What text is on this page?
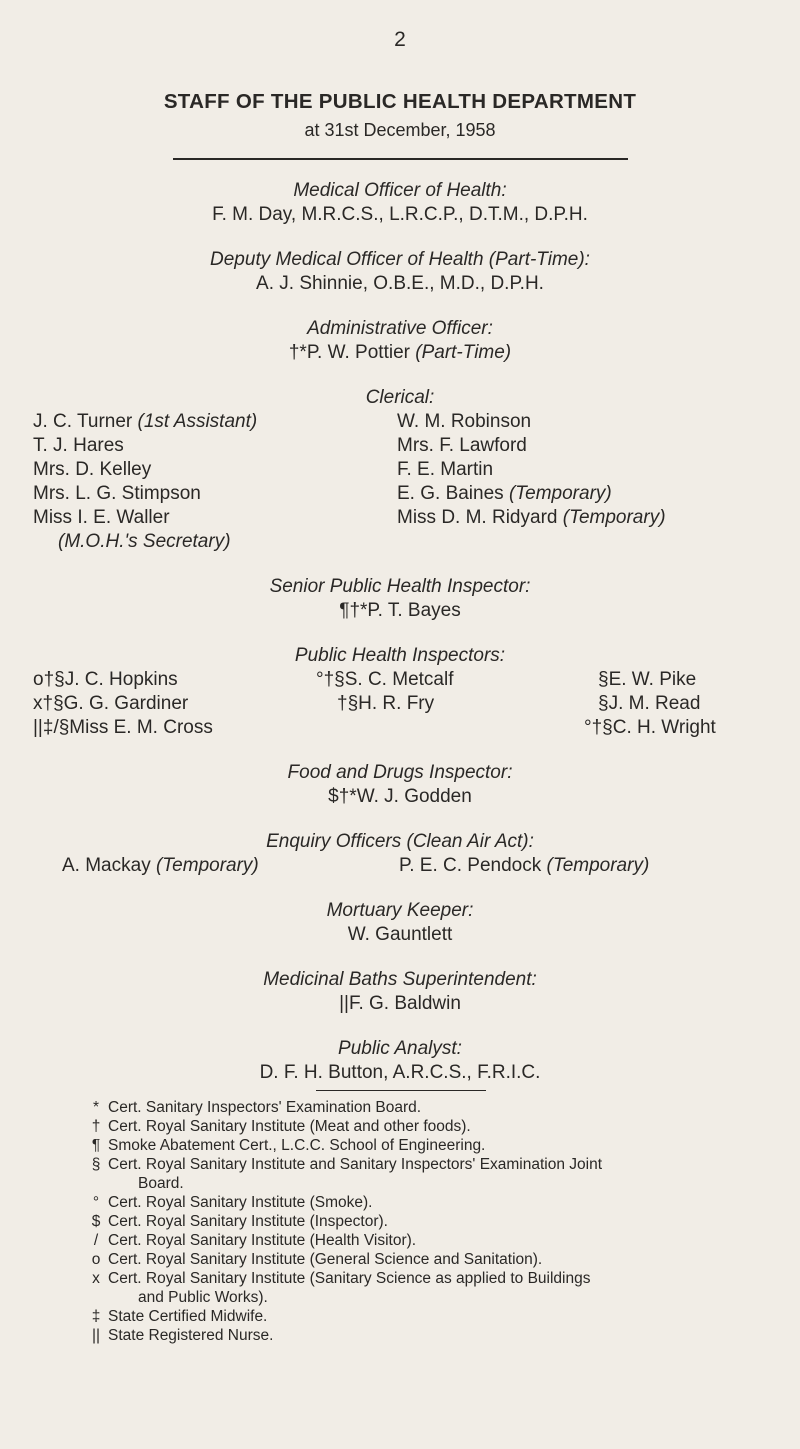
2
STAFF OF THE PUBLIC HEALTH DEPARTMENT
at 31st December, 1958
Medical Officer of Health:
F. M. Day, M.R.C.S., L.R.C.P., D.T.M., D.P.H.
Deputy Medical Officer of Health (Part-Time):
A. J. Shinnie, O.B.E., M.D., D.P.H.
Administrative Officer:
†*P. W. Pottier (Part-Time)
Clerical:
J. C. Turner (1st Assistant)
T. J. Hares
Mrs. D. Kelley
Mrs. L. G. Stimpson
Miss I. E. Waller
(M.O.H.'s Secretary)
W. M. Robinson
Mrs. F. Lawford
F. E. Martin
E. G. Baines (Temporary)
Miss D. M. Ridyard (Temporary)
Senior Public Health Inspector:
¶†*P. T. Bayes
Public Health Inspectors:
o†§J. C. Hopkins
x†§G. G. Gardiner
||‡/§Miss E. M. Cross
°†§S. C. Metcalf
†§H. R. Fry
§E. W. Pike
§J. M. Read
°†§C. H. Wright
Food and Drugs Inspector:
$†*W. J. Godden
Enquiry Officers (Clean Air Act):
A. Mackay (Temporary)	P. E. C. Pendock (Temporary)
Mortuary Keeper:
W. Gauntlett
Medicinal Baths Superintendent:
||F. G. Baldwin
Public Analyst:
D. F. H. Button, A.R.C.S., F.R.I.C.
* Cert. Sanitary Inspectors' Examination Board.
† Cert. Royal Sanitary Institute (Meat and other foods).
¶ Smoke Abatement Cert., L.C.C. School of Engineering.
§ Cert. Royal Sanitary Institute and Sanitary Inspectors' Examination Joint
Board.
° Cert. Royal Sanitary Institute (Smoke).
$ Cert. Royal Sanitary Institute (Inspector).
/ Cert. Royal Sanitary Institute (Health Visitor).
o Cert. Royal Sanitary Institute (General Science and Sanitation).
x Cert. Royal Sanitary Institute (Sanitary Science as applied to Buildings
and Public Works).
‡ State Certified Midwife.
|| State Registered Nurse.
